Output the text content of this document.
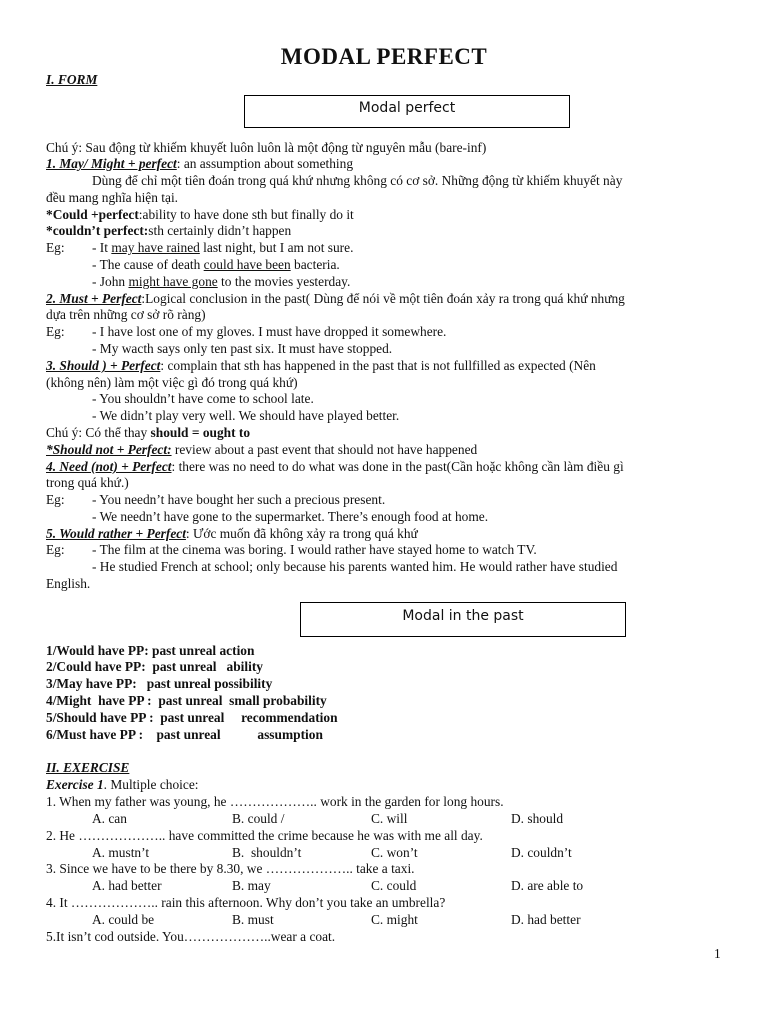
MODAL PERFECT
I. FORM
Modal perfect
Chú ý: Sau động từ khiếm khuyết luôn luôn là một động từ nguyên mẫu (bare-inf)
1. May/ Might + perfect: an assumption about something
Dùng để chỉ một tiên đoán trong quá khứ nhưng không có cơ sở. Những động từ khiếm khuyết này
đều mang nghĩa hiện tại.
*Could +perfect:ability to have done sth but finally do it
*couldn’t perfect:sth certainly didn’t happen
Eg: - It may have rained last night, but I am not sure.
- The cause of death could have been bacteria.
- John might have gone to the movies yesterday.
2. Must + Perfect:Logical conclusion in the past( Dùng để nói về một tiên đoán xảy ra trong quá khứ nhưng
dựa trên những cơ sở rõ ràng)
Eg: - I have lost one of my gloves. I must have dropped it somewhere.
- My wacth says only ten past six. It must have stopped.
3. Should ) + Perfect: complain that sth has happened in the past that is not fullfilled as expected (Nên
(không nên) làm một việc gì đó trong quá khứ)
- You shouldn’t have come to school late.
- We didn’t play very well. We should have played better.
Chú ý: Có thể thay should = ought to
*Should not + Perfect: review about a past event that should not have happened
4. Need (not) + Perfect: there was no need to do what was done in the past(Cần hoặc không cần làm điều gì
trong quá khứ.)
Eg: - You needn’t have bought her such a precious present.
- We needn’t have gone to the supermarket. There’s enough food at home.
5. Would rather + Perfect: Ước muốn đã không xảy ra trong quá khứ
Eg: - The film at the cinema was boring. I would rather have stayed home to watch TV.
- He studied French at school; only because his parents wanted him. He would rather have studied
English.
Modal in the past
1/Would have PP: past unreal action
2/Could have PP:  past unreal   ability
3/May have PP:   past unreal possibility
4/Might  have PP :  past unreal  small probability
5/Should have PP :  past unreal     recommendation
6/Must have PP :    past unreal           assumption
II. EXERCISE
Exercise 1. Multiple choice:
1. When my father was young, he ……………….. work in the garden for long hours.
A. can	B. could /	C. will	D. should
2. He ……………….. have committed the crime because he was with me all day.
A. mustn’t	B.  shouldn’t	C. won’t	D. couldn’t
3. Since we have to be there by 8.30, we ……………….. take a taxi.
A. had better	B. may	C. could	D. are able to
4. It ……………….. rain this afternoon. Why don’t you take an umbrella?
A. could be	B. must	C. might	D. had better
5.It isn’t cod outside. You………………..wear a coat.
1
